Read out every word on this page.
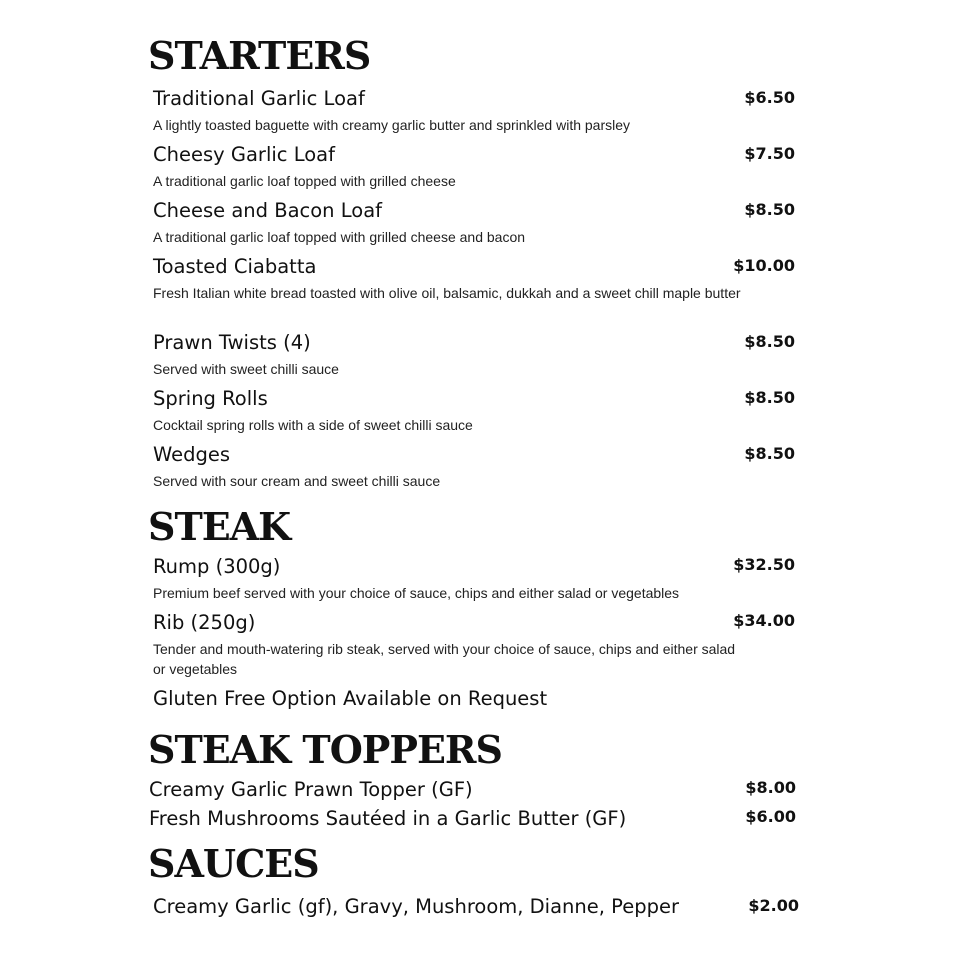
STARTERS
Traditional Garlic Loaf	$6.50
A lightly toasted baguette with creamy garlic butter and sprinkled with parsley
Cheesy Garlic Loaf	$7.50
A traditional garlic loaf topped with grilled cheese
Cheese and Bacon Loaf	$8.50
A traditional garlic loaf topped with grilled cheese and bacon
Toasted Ciabatta	$10.00
Fresh Italian white bread toasted with olive oil, balsamic, dukkah and a sweet chill maple butter
Prawn Twists (4)	$8.50
Served with sweet chilli sauce
Spring Rolls	$8.50
Cocktail spring rolls with a side of sweet chilli sauce
Wedges	$8.50
Served with sour cream and sweet chilli sauce
STEAK
Rump (300g)	$32.50
Premium beef served with your choice of sauce, chips and either salad or vegetables
Rib (250g)	$34.00
Tender and mouth-watering rib steak, served with your choice of sauce, chips and either salad or vegetables
Gluten Free Option Available on Request
STEAK TOPPERS
Creamy Garlic Prawn Topper (GF)	$8.00
Fresh Mushrooms Sautéed in a Garlic Butter (GF)	$6.00
SAUCES
Creamy Garlic (gf), Gravy, Mushroom, Dianne, Pepper	$2.00
